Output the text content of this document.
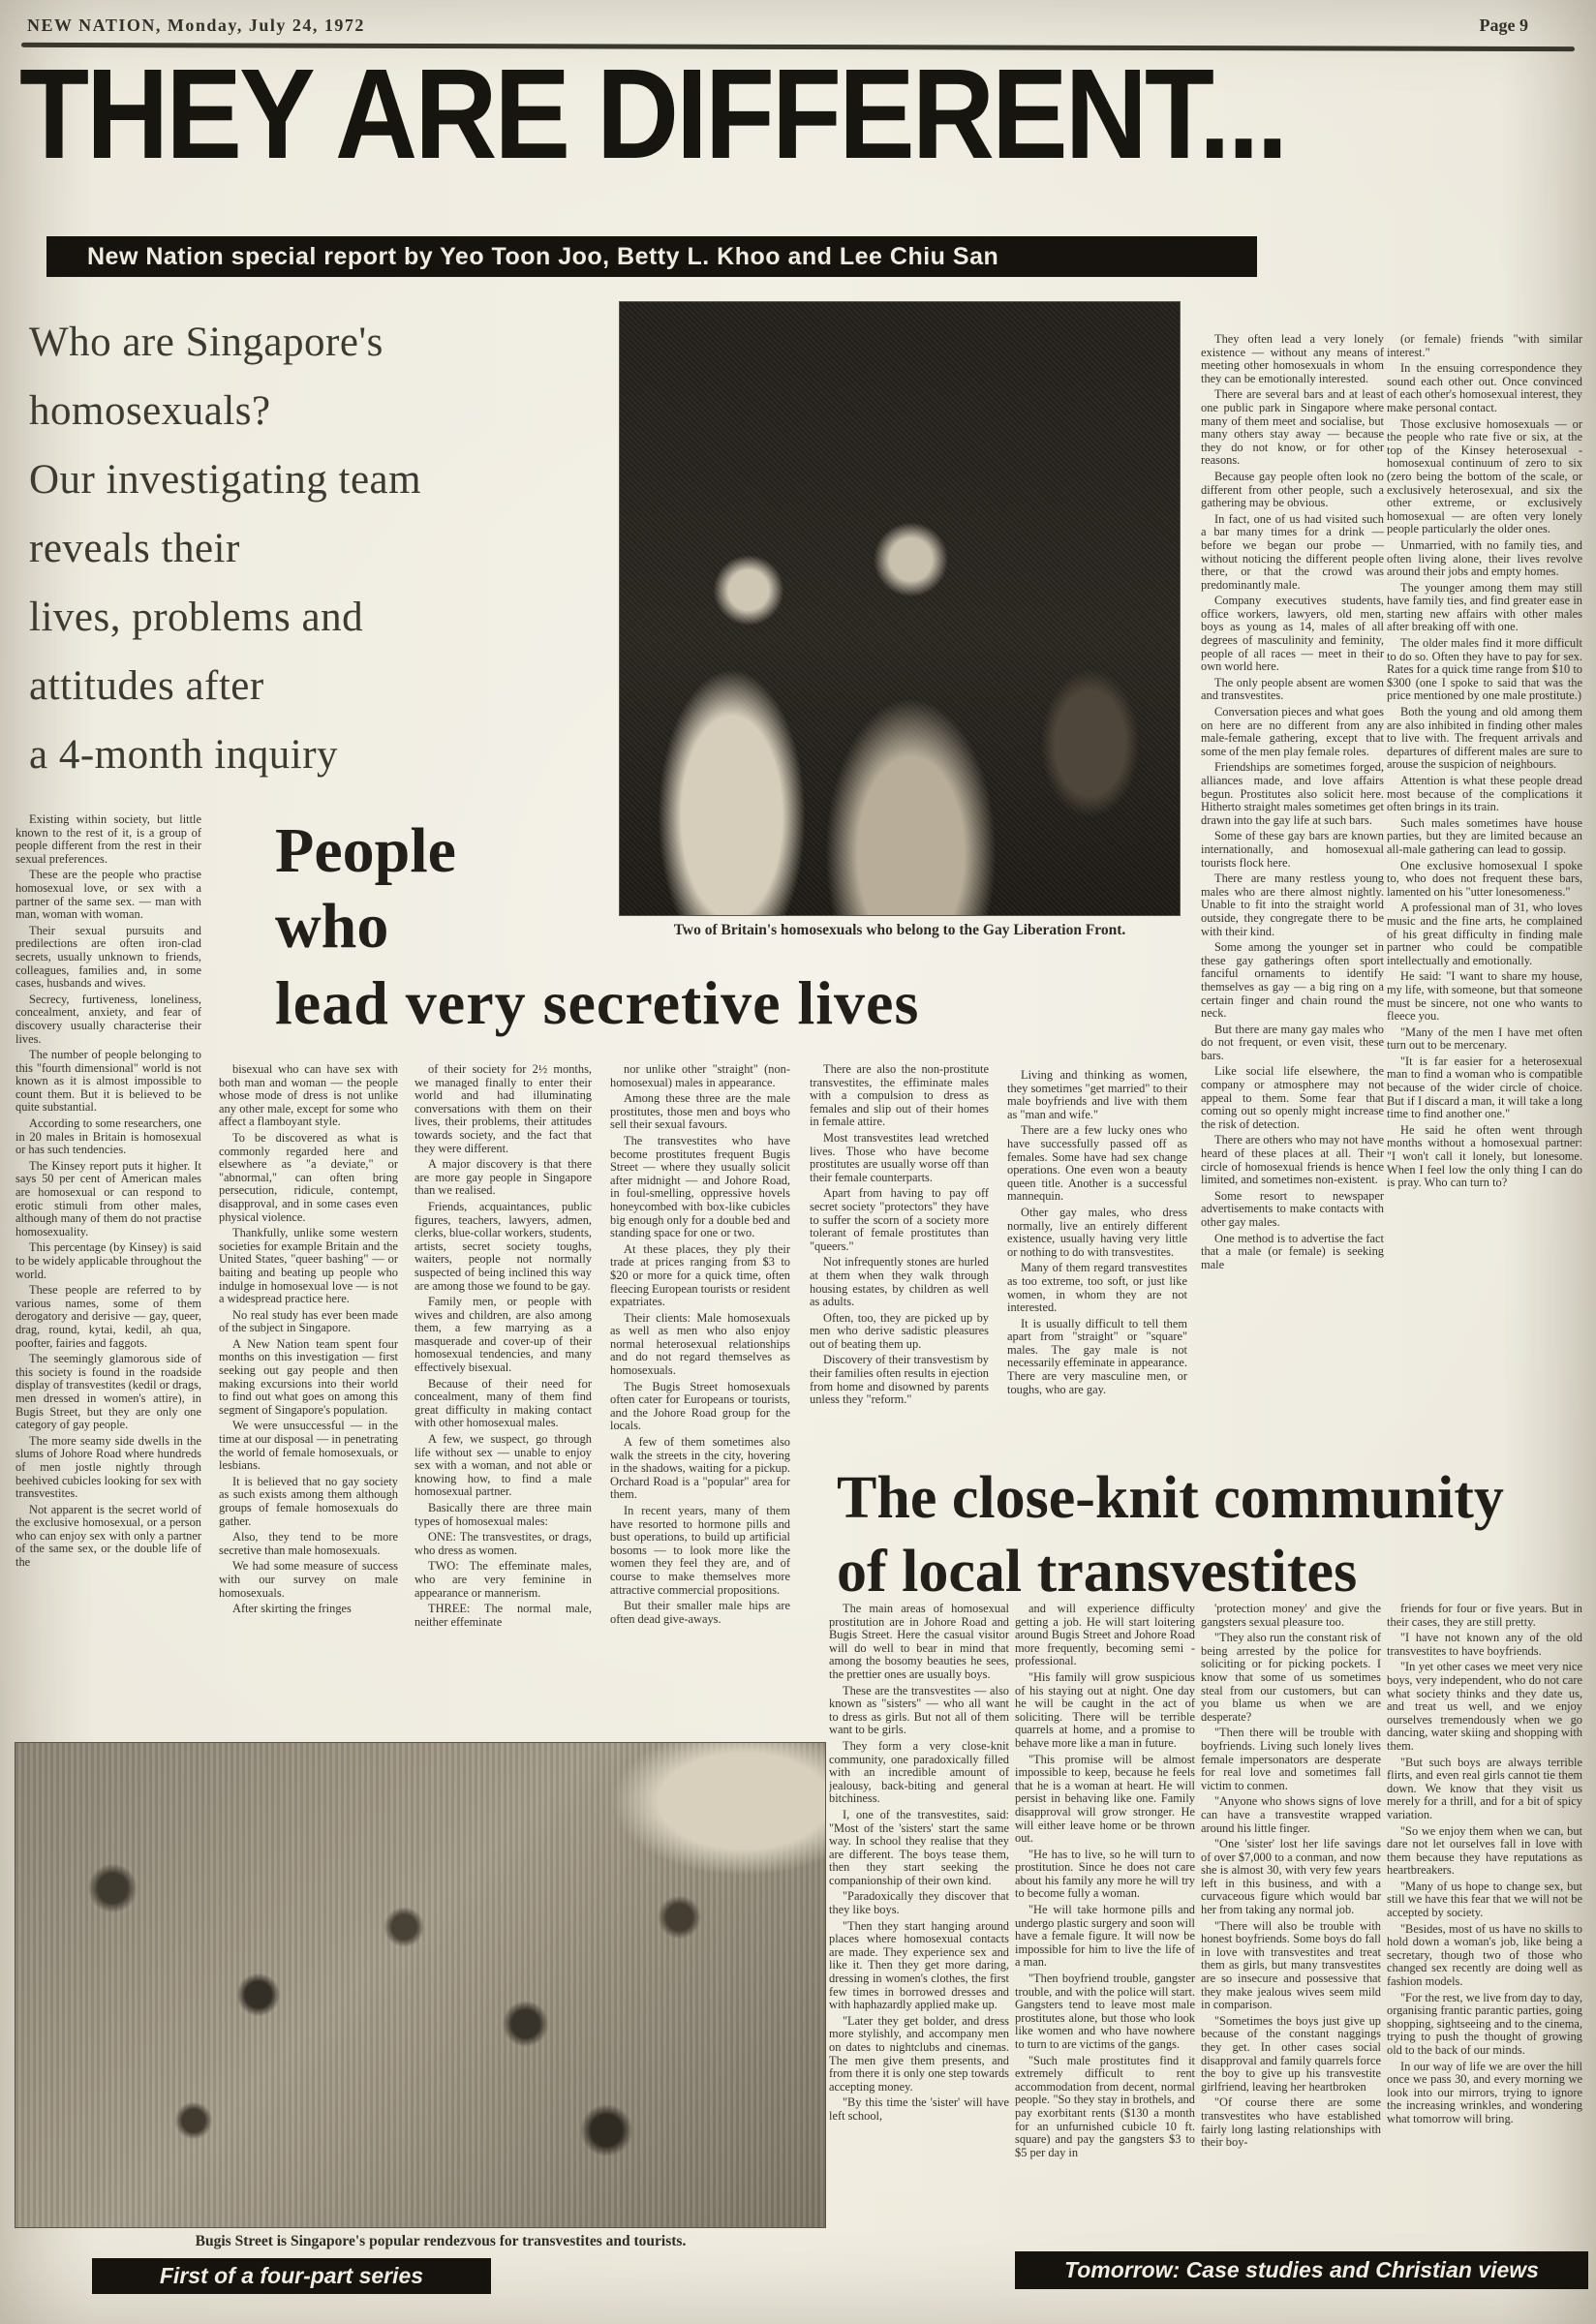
NEW NATION, Monday, July 24, 1972	Page 9
THEY ARE DIFFERENT...
New Nation special report by Yeo Toon Joo, Betty L. Khoo and Lee Chiu San
Who are Singapore's
homosexuals?
Our investigating team
reveals their
lives, problems and
attitudes after
a 4-month inquiry
Two of Britain's homosexuals who belong to the Gay Liberation Front.
People
who
lead very secretive lives

Existing within society, but little known to the rest of it, is a group of people different from the rest in their sexual preferences.

These are the people who practise homosexual love, or sex with a partner of the same sex. — man with man, woman with woman.

Their sexual pursuits and predilections are often iron-clad secrets, usually unknown to friends, colleagues, families and, in some cases, husbands and wives.

Secrecy, furtiveness, loneliness, concealment, anxiety, and fear of discovery usually characterise their lives.

The number of people belonging to this "fourth dimensional" world is not known as it is almost impossible to count them. But it is believed to be quite substantial.

According to some researchers, one in 20 males in Britain is homosexual or has such tendencies.

The Kinsey report puts it higher. It says 50 per cent of American males are homosexual or can respond to erotic stimuli from other males, although many of them do not practise homosexuality.

This percentage (by Kinsey) is said to be widely applicable throughout the world.

These people are referred to by various names, some of them derogatory and derisive — gay, queer, drag, round, kytai, kedil, ah qua, poofter, fairies and faggots.

The seemingly glamorous side of this society is found in the roadside display of transvestites (kedil or drags, men dressed in women's attire), in Bugis Street, but they are only one category of gay people.

The more seamy side dwells in the slums of Johore Road where hundreds of men jostle nightly through beehived cubicles looking for sex with transvestites.

Not apparent is the secret world of the exclusive homosexual, or a person who can enjoy sex with only a partner of the same sex, or the double life of the

bisexual who can have sex with both man and woman — the people whose mode of dress is not unlike any other male, except for some who affect a flamboyant style.

To be discovered as what is commonly regarded here and elsewhere as "a deviate," or "abnormal," can often bring persecution, ridicule, contempt, disapproval, and in some cases even physical violence.

Thankfully, unlike some western societies for example Britain and the United States, "queer bashing" — or baiting and beating up people who indulge in homosexual love — is not a widespread practice here.

No real study has ever been made of the subject in Singapore.

A New Nation team spent four months on this investigation — first seeking out gay people and then making excursions into their world to find out what goes on among this segment of Singapore's population.

We were unsuccessful — in the time at our disposal — in penetrating the world of female homosexuals, or lesbians.

It is believed that no gay society as such exists among them although groups of female homosexuals do gather.

Also, they tend to be more secretive than male homosexuals.

We had some measure of success with our survey on male homosexuals.

After skirting the fringes

of their society for 2½ months, we managed finally to enter their world and had illuminating conversations with them on their lives, their problems, their attitudes towards society, and the fact that they were different.

A major discovery is that there are more gay people in Singapore than we realised.

Friends, acquaintances, public figures, teachers, lawyers, admen, clerks, blue-collar workers, students, artists, secret society toughs, waiters, people not normally suspected of being inclined this way are among those we found to be gay.

Family men, or people with wives and children, are also among them, a few marrying as a masquerade and cover-up of their homosexual tendencies, and many effectively bisexual.

Because of their need for concealment, many of them find great difficulty in making contact with other homosexual males.

A few, we suspect, go through life without sex — unable to enjoy sex with a woman, and not able or knowing how, to find a male homosexual partner.

Basically there are three main types of homosexual males:

ONE: The transvestites, or drags, who dress as women.

TWO: The effeminate males, who are very feminine in appearance or mannerism.

THREE: The normal male, neither effeminate

nor unlike other "straight" (non-homosexual) males in appearance.

Among these three are the male prostitutes, those men and boys who sell their sexual favours.

The transvestites who have become prostitutes frequent Bugis Street — where they usually solicit after midnight — and Johore Road, in foul-smelling, oppressive hovels honeycombed with box-like cubicles big enough only for a double bed and standing space for one or two.

At these places, they ply their trade at prices ranging from $3 to $20 or more for a quick time, often fleecing European tourists or resident expatriates.

Their clients: Male homosexuals as well as men who also enjoy normal heterosexual relationships and do not regard themselves as homosexuals.

The Bugis Street homosexuals often cater for Europeans or tourists, and the Johore Road group for the locals.

A few of them sometimes also walk the streets in the city, hovering in the shadows, waiting for a pickup. Orchard Road is a "popular" area for them.

In recent years, many of them have resorted to hormone pills and bust operations, to build up artificial bosoms — to look more like the women they feel they are, and of course to make themselves more attractive commercial propositions.

But their smaller male hips are often dead give-aways.

There are also the non-prostitute transvestites, the effiminate males with a compulsion to dress as females and slip out of their homes in female attire.

Most transvestites lead wretched lives. Those who have become prostitutes are usually worse off than their female counterparts.

Apart from having to pay off secret society "protectors" they have to suffer the scorn of a society more tolerant of female prostitutes than "queers."

Not infrequently stones are hurled at them when they walk through housing estates, by children as well as adults.

Often, too, they are picked up by men who derive sadistic pleasures out of beating them up.

Discovery of their transvestism by their families often results in ejection from home and disowned by parents unless they "reform."

Living and thinking as women, they sometimes "get married" to their male boyfriends and live with them as "man and wife."

There are a few lucky ones who have successfully passed off as females. Some have had sex change operations. One even won a beauty queen title. Another is a successful mannequin.

Other gay males, who dress normally, live an entirely different existence, usually having very little or nothing to do with transvestites.

Many of them regard transvestites as too extreme, too soft, or just like women, in whom they are not interested.

It is usually difficult to tell them apart from "straight" or "square" males. The gay male is not necessarily effeminate in appearance. There are very masculine men, or toughs, who are gay.

They often lead a very lonely existence — without any means of meeting other homosexuals in whom they can be emotionally interested.

There are several bars and at least one public park in Singapore where many of them meet and socialise, but many others stay away — because they do not know, or for other reasons.

Because gay people often look no different from other people, such a gathering may be obvious.

In fact, one of us had visited such a bar many times for a drink — before we began our probe — without noticing the different people there, or that the crowd was predominantly male.

Company executives students, office workers, lawyers, old men, boys as young as 14, males of all degrees of masculinity and feminity, people of all races — meet in their own world here.

The only people absent are women and transvestites.

Conversation pieces and what goes on here are no different from any male-female gathering, except that some of the men play female roles.

Friendships are sometimes forged, alliances made, and love affairs begun. Prostitutes also solicit here. Hitherto straight males sometimes get drawn into the gay life at such bars.

Some of these gay bars are known internationally, and homosexual tourists flock here.

There are many restless young males who are there almost nightly. Unable to fit into the straight world outside, they congregate there to be with their kind.

Some among the younger set in these gay gatherings often sport fanciful ornaments to identify themselves as gay — a big ring on a certain finger and chain round the neck.

But there are many gay males who do not frequent, or even visit, these bars.

Like social life elsewhere, the company or atmosphere may not appeal to them. Some fear that coming out so openly might increase the risk of detection.

There are others who may not have heard of these places at all. Their circle of homosexual friends is hence limited, and sometimes non-existent.

Some resort to newspaper advertisements to make contacts with other gay males.

One method is to advertise the fact that a male (or female) is seeking male

(or female) friends "with similar interest."

In the ensuing correspondence they sound each other out. Once convinced of each other's homosexual interest, they make personal contact.

Those exclusive homosexuals — or the people who rate five or six, at the top of the Kinsey heterosexual - homosexual continuum of zero to six (zero being the bottom of the scale, or exclusively heterosexual, and six the other extreme, or exclusively homosexual — are often very lonely people particularly the older ones.

Unmarried, with no family ties, and often living alone, their lives revolve around their jobs and empty homes.

The younger among them may still have family ties, and find greater ease in starting new affairs with other males after breaking off with one.

The older males find it more difficult to do so. Often they have to pay for sex. Rates for a quick time range from $10 to $300 (one I spoke to said that was the price mentioned by one male prostitute.)

Both the young and old among them are also inhibited in finding other males to live with. The frequent arrivals and departures of different males are sure to arouse the suspicion of neighbours.

Attention is what these people dread most because of the complications it often brings in its train.

Such males sometimes have house parties, but they are limited because an all-male gathering can lead to gossip.

One exclusive homosexual I spoke to, who does not frequent these bars, lamented on his "utter lonesomeness."

A professional man of 31, who loves music and the fine arts, he complained of his great difficulty in finding male partner who could be compatible intellectually and emotionally.

He said: "I want to share my house, my life, with someone, but that someone must be sincere, not one who wants to fleece you.

"Many of the men I have met often turn out to be mercenary.

"It is far easier for a heterosexual man to find a woman who is compatible because of the wider circle of choice. But if I discard a man, it will take a long time to find another one."

He said he often went through months without a homosexual partner: "I won't call it lonely, but lonesome. When I feel low the only thing I can do is pray. Who can turn to?

The close-knit community
of local transvestites

The main areas of homosexual prostitution are in Johore Road and Bugis Street. Here the casual visitor will do well to bear in mind that among the bosomy beauties he sees, the prettier ones are usually boys.

These are the transvestites — also known as "sisters" — who all want to dress as girls. But not all of them want to be girls.

They form a very close-knit community, one paradoxically filled with an incredible amount of jealousy, back-biting and general bitchiness.

I, one of the transvestites, said: "Most of the 'sisters' start the same way. In school they realise that they are different. The boys tease them, then they start seeking the companionship of their own kind.

"Paradoxically they discover that they like boys.

"Then they start hanging around places where homosexual contacts are made. They experience sex and like it. Then they get more daring, dressing in women's clothes, the first few times in borrowed dresses and with haphazardly applied make up.

"Later they get bolder, and dress more stylishly, and accompany men on dates to nightclubs and cinemas. The men give them presents, and from there it is only one step towards accepting money.

"By this time the 'sister' will have left school,

and will experience difficulty getting a job. He will start loitering around Bugis Street and Johore Road more frequently, becoming semi - professional.

"His family will grow suspicious of his staying out at night. One day he will be caught in the act of soliciting. There will be terrible quarrels at home, and a promise to behave more like a man in future.

"This promise will be almost impossible to keep, because he feels that he is a woman at heart. He will persist in behaving like one. Family disapproval will grow stronger. He will either leave home or be thrown out.

"He has to live, so he will turn to prostitution. Since he does not care about his family any more he will try to become fully a woman.

"He will take hormone pills and undergo plastic surgery and soon will have a female figure. It will now be impossible for him to live the life of a man.

"Then boyfriend trouble, gangster trouble, and with the police will start. Gangsters tend to leave most male prostitutes alone, but those who look like women and who have nowhere to turn to are victims of the gangs.

"Such male prostitutes find it extremely difficult to rent accommodation from decent, normal people. "So they stay in brothels, and pay exorbitant rents ($130 a month for an unfurnished cubicle 10 ft. square) and pay the gangsters $3 to $5 per day in

'protection money' and give the gangsters sexual pleasure too.

"They also run the constant risk of being arrested by the police for soliciting or for picking pockets. I know that some of us sometimes steal from our customers, but can you blame us when we are desperate?

"Then there will be trouble with boyfriends. Living such lonely lives female impersonators are desperate for real love and sometimes fall victim to conmen.

"Anyone who shows signs of love can have a transvestite wrapped around his little finger.

"One 'sister' lost her life savings of over $7,000 to a conman, and now she is almost 30, with very few years left in this business, and with a curvaceous figure which would bar her from taking any normal job.

"There will also be trouble with honest boyfriends. Some boys do fall in love with transvestites and treat them as girls, but many transvestites are so insecure and possessive that they make jealous wives seem mild in comparison.

"Sometimes the boys just give up because of the constant naggings they get. In other cases social disapproval and family quarrels force the boy to give up his transvestite girlfriend, leaving her heartbroken

"Of course there are some transvestites who have established fairly long lasting relationships with their boy-

friends for four or five years. But in their cases, they are still pretty.

"I have not known any of the old transvestites to have boyfriends.

"In yet other cases we meet very nice boys, very independent, who do not care what society thinks and they date us, and treat us well, and we enjoy ourselves tremendously when we go dancing, water skiing and shopping with them.

"But such boys are always terrible flirts, and even real girls cannot tie them down. We know that they visit us merely for a thrill, and for a bit of spicy variation.

"So we enjoy them when we can, but dare not let ourselves fall in love with them because they have reputations as heartbreakers.

"Many of us hope to change sex, but still we have this fear that we will not be accepted by society.

"Besides, most of us have no skills to hold down a woman's job, like being a secretary, though two of those who changed sex recently are doing well as fashion models.

"For the rest, we live from day to day, organising frantic parantic parties, going shopping, sightseeing and to the cinema, trying to push the thought of growing old to the back of our minds.

In our way of life we are over the hill once we pass 30, and every morning we look into our mirrors, trying to ignore the increasing wrinkles, and wondering what tomorrow will bring.

Bugis Street is Singapore's popular rendezvous for transvestites and tourists.
First of a four-part series	Tomorrow: Case studies and Christian views
